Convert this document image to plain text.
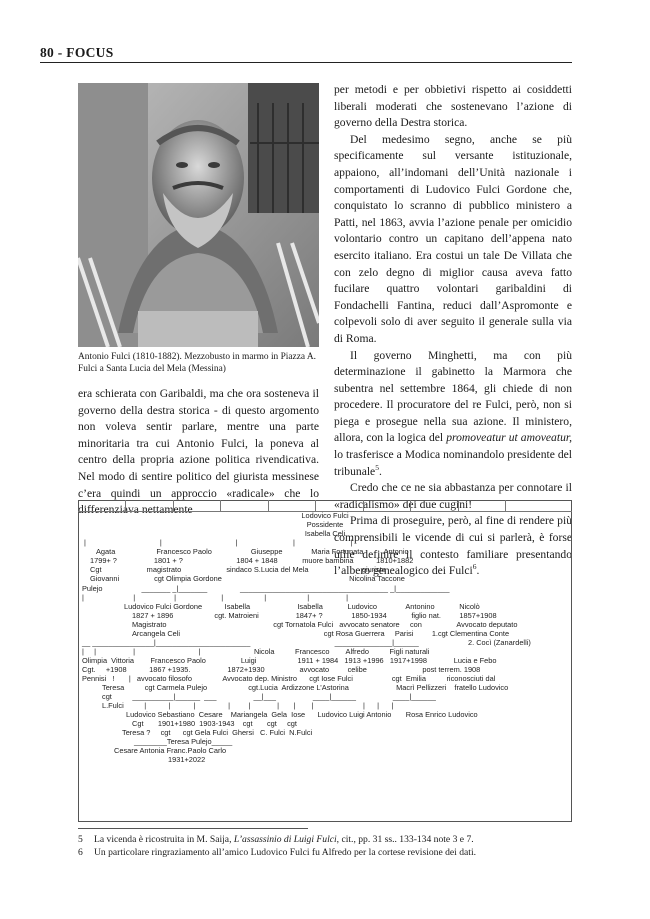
80 - FOCUS
Antonio Fulci (1810-1882). Mezzobusto in marmo in Piazza A. Fulci a Santa Lucia del Mela (Messina)

era schierata con Garibaldi, ma che ora sosteneva il governo della destra storica - di questo argomento non voleva sentir parlare, mentre una parte minoritaria tra cui Antonio Fulci, la poneva al centro della propria azione politica rivendicativa. Nel modo di sentire politico del giurista messinese c’era quindi un approccio «radicale» che lo differenziava nettamente

per metodi e per obbietivi rispetto ai cosiddetti liberali moderati che sostenevano l’azione di governo della Destra storica.

Del medesimo segno, anche se più specificamente sul versante istituzionale, appaiono, all’indomani dell’Unità nazionale i comportamenti di Ludovico Fulci Gordone che, conquistato lo scranno di pubblico ministero a Patti, nel 1863, avvia l’azione penale per omicidio volontario contro un capitano dell’appena nato esercito italiano. Era costui un tale De Villata che con zelo degno di miglior causa aveva fatto fucilare quattro volontari garibaldini di Fondachelli Fantina, reduci dall’Aspromonte e colpevoli solo di aver seguito il generale sulla via di Roma.

Il governo Minghetti, ma con più determinazione il gabinetto la Marmora che subentra nel settembre 1864, gli chiede di non procedere. Il procuratore del re Fulci, però, non si piega e prosegue nella sua azione. Il ministero, allora, con la logica del promoveatur ut amoveatur, lo trasferisce a Modica nominandolo presidente del tribunale$^5$.

Credo che ce ne sia abbastanza per connotare il «radicalismo» dei due cugini!

Prima di proseguire, però, al fine di rendere più comprensibili le vicende di cui si parlerà, è forse utile definire il contesto familiare presentando l’albero genealogico dei Fulci$^6$.

Lodovico Fulci
Possidente
Isabella Celi
|                                    |                                    |                           |                           |
Agata                    Francesco Paolo                   Giuseppe              Maria Fortunata          Antonio
1799+ ?                  1801 + ?                          1804 + 1848            muore bambina           1810+1882
Cgt                      magistrato                      sindaco S.Lucia del Mela                          giurista
Giovanni                 cgt Olimpia Gordone                                                              Nicolina Taccone
Pulejo                   _______ _|_______                ____________________________________ _|_____________
|                        |                   |                      |                    |                    |                  |
Ludovico Fulci Gordone           Isabella                       Isabella            Ludovico              Antonino            Nicolò
1827 + 1896                    cgt. Matroieni                  1847+ ?              1850-1934            figlio nat.         1857+1908
Magistrato                                                    cgt Tornatola Fulci   avvocato senatore     con                 Avvocato deputato
Arcangela Celi                                                                      cgt Rosa Guerrera     Parisi         1.cgt Clementina Conte
__ _______________|_______________________                                         ______________|______                        2. Cocì (Zanardelli)
|     |                  |                               |                          Nicola          Francesco        Alfredo          Figli naturali
Olimpia  Vittoria        Francesco Paolo                 Luigi                    1911 + 1984   1913 +1996   1917+1998             Lucia e Febo
Cgt.     +1908           1867 +1935.                  1872+1930                 avvocato         celibe                           post terrem. 1908
Pennisi   !       |   avvocato filosofo               Avvocato dep. Ministro      cgt Iose Fulci                   cgt  Emilia          riconosciuti dal
Teresa          cgt Carmela Pulejo                    cgt.Lucia  Ardizzone L’Astorina                       Macrì Pellizzeri    fratello Ludovico
cgt          __________|______  ___                  __|___                  ____|______                  ____|______
L.Fulci          |           |           |                |         |             |       |        |                        |      |      |
Ludovico Sebastiano  Cesare    Mariangela  Gela  Iose      Ludovico Luigi Antonio       Rosa Enrico Ludovico
Cgt       1901+1980  1903-1943    cgt       cgt     cgt
Teresa ?     cgt      cgt Gela Fulci  Ghersi   C. Fulci  N.Fulci
________Teresa Pulejo_____
Cesare Antonia Franc.Paolo Carlo
1931+2022
5 La vicenda è ricostruita in M. Saija, L’assassinio di Luigi Fulci, cit., pp. 31 ss.. 133-134 note 3 e 7.
6 Un particolare ringraziamento all’amico Ludovico Fulci fu Alfredo per la cortese revisione dei dati.
